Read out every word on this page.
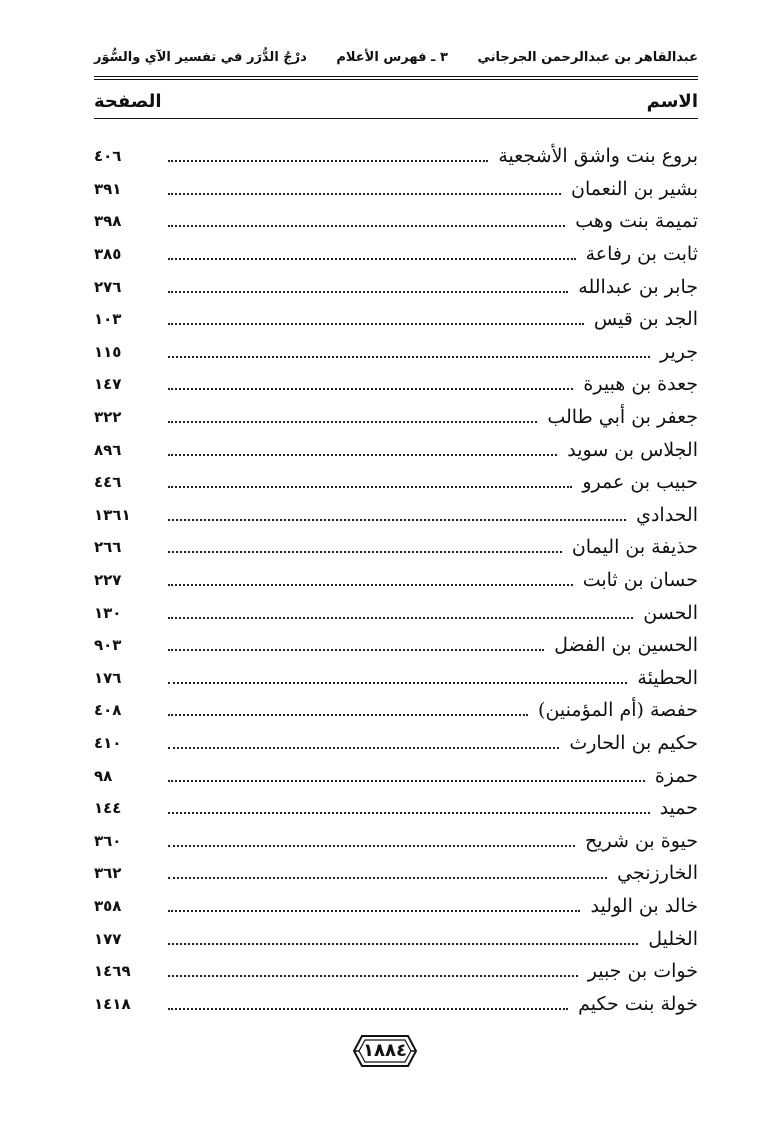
عبدالقاهر بن عبدالرحمن الجرجاني
٣ ـ فهرس الأعلام
درْجُ الدُّرَر في تفسير الآي والسُّوَر
الاسم
الصفحة
بروع بنت واشق الأشجعية
٤٠٦
بشير بن النعمان
٣٩١
تميمة بنت وهب
٣٩٨
ثابت بن رفاعة
٣٨٥
جابر بن عبدالله
٢٧٦
الجد بن قيس
١٠٣
جرير
١١٥
جعدة بن هبيرة
١٤٧
جعفر بن أبي طالب
٣٢٢
الجلاس بن سويد
٨٩٦
حبيب بن عمرو
٤٤٦
الحدادي
١٣٦١
حذيفة بن اليمان
٢٦٦
حسان بن ثابت
٢٢٧
الحسن
١٣٠
الحسين بن الفضل
٩٠٣
الحطيئة
١٧٦
حفصة (أم المؤمنين)
٤٠٨
حكيم بن الحارث
٤١٠
حمزة
٩٨
حميد
١٤٤
حيوة بن شريح
٣٦٠
الخارزنجي
٣٦٢
خالد بن الوليد
٣٥٨
الخليل
١٧٧
خوات بن جبير
١٤٦٩
خولة بنت حكيم
١٤١٨
١٨٨٤
